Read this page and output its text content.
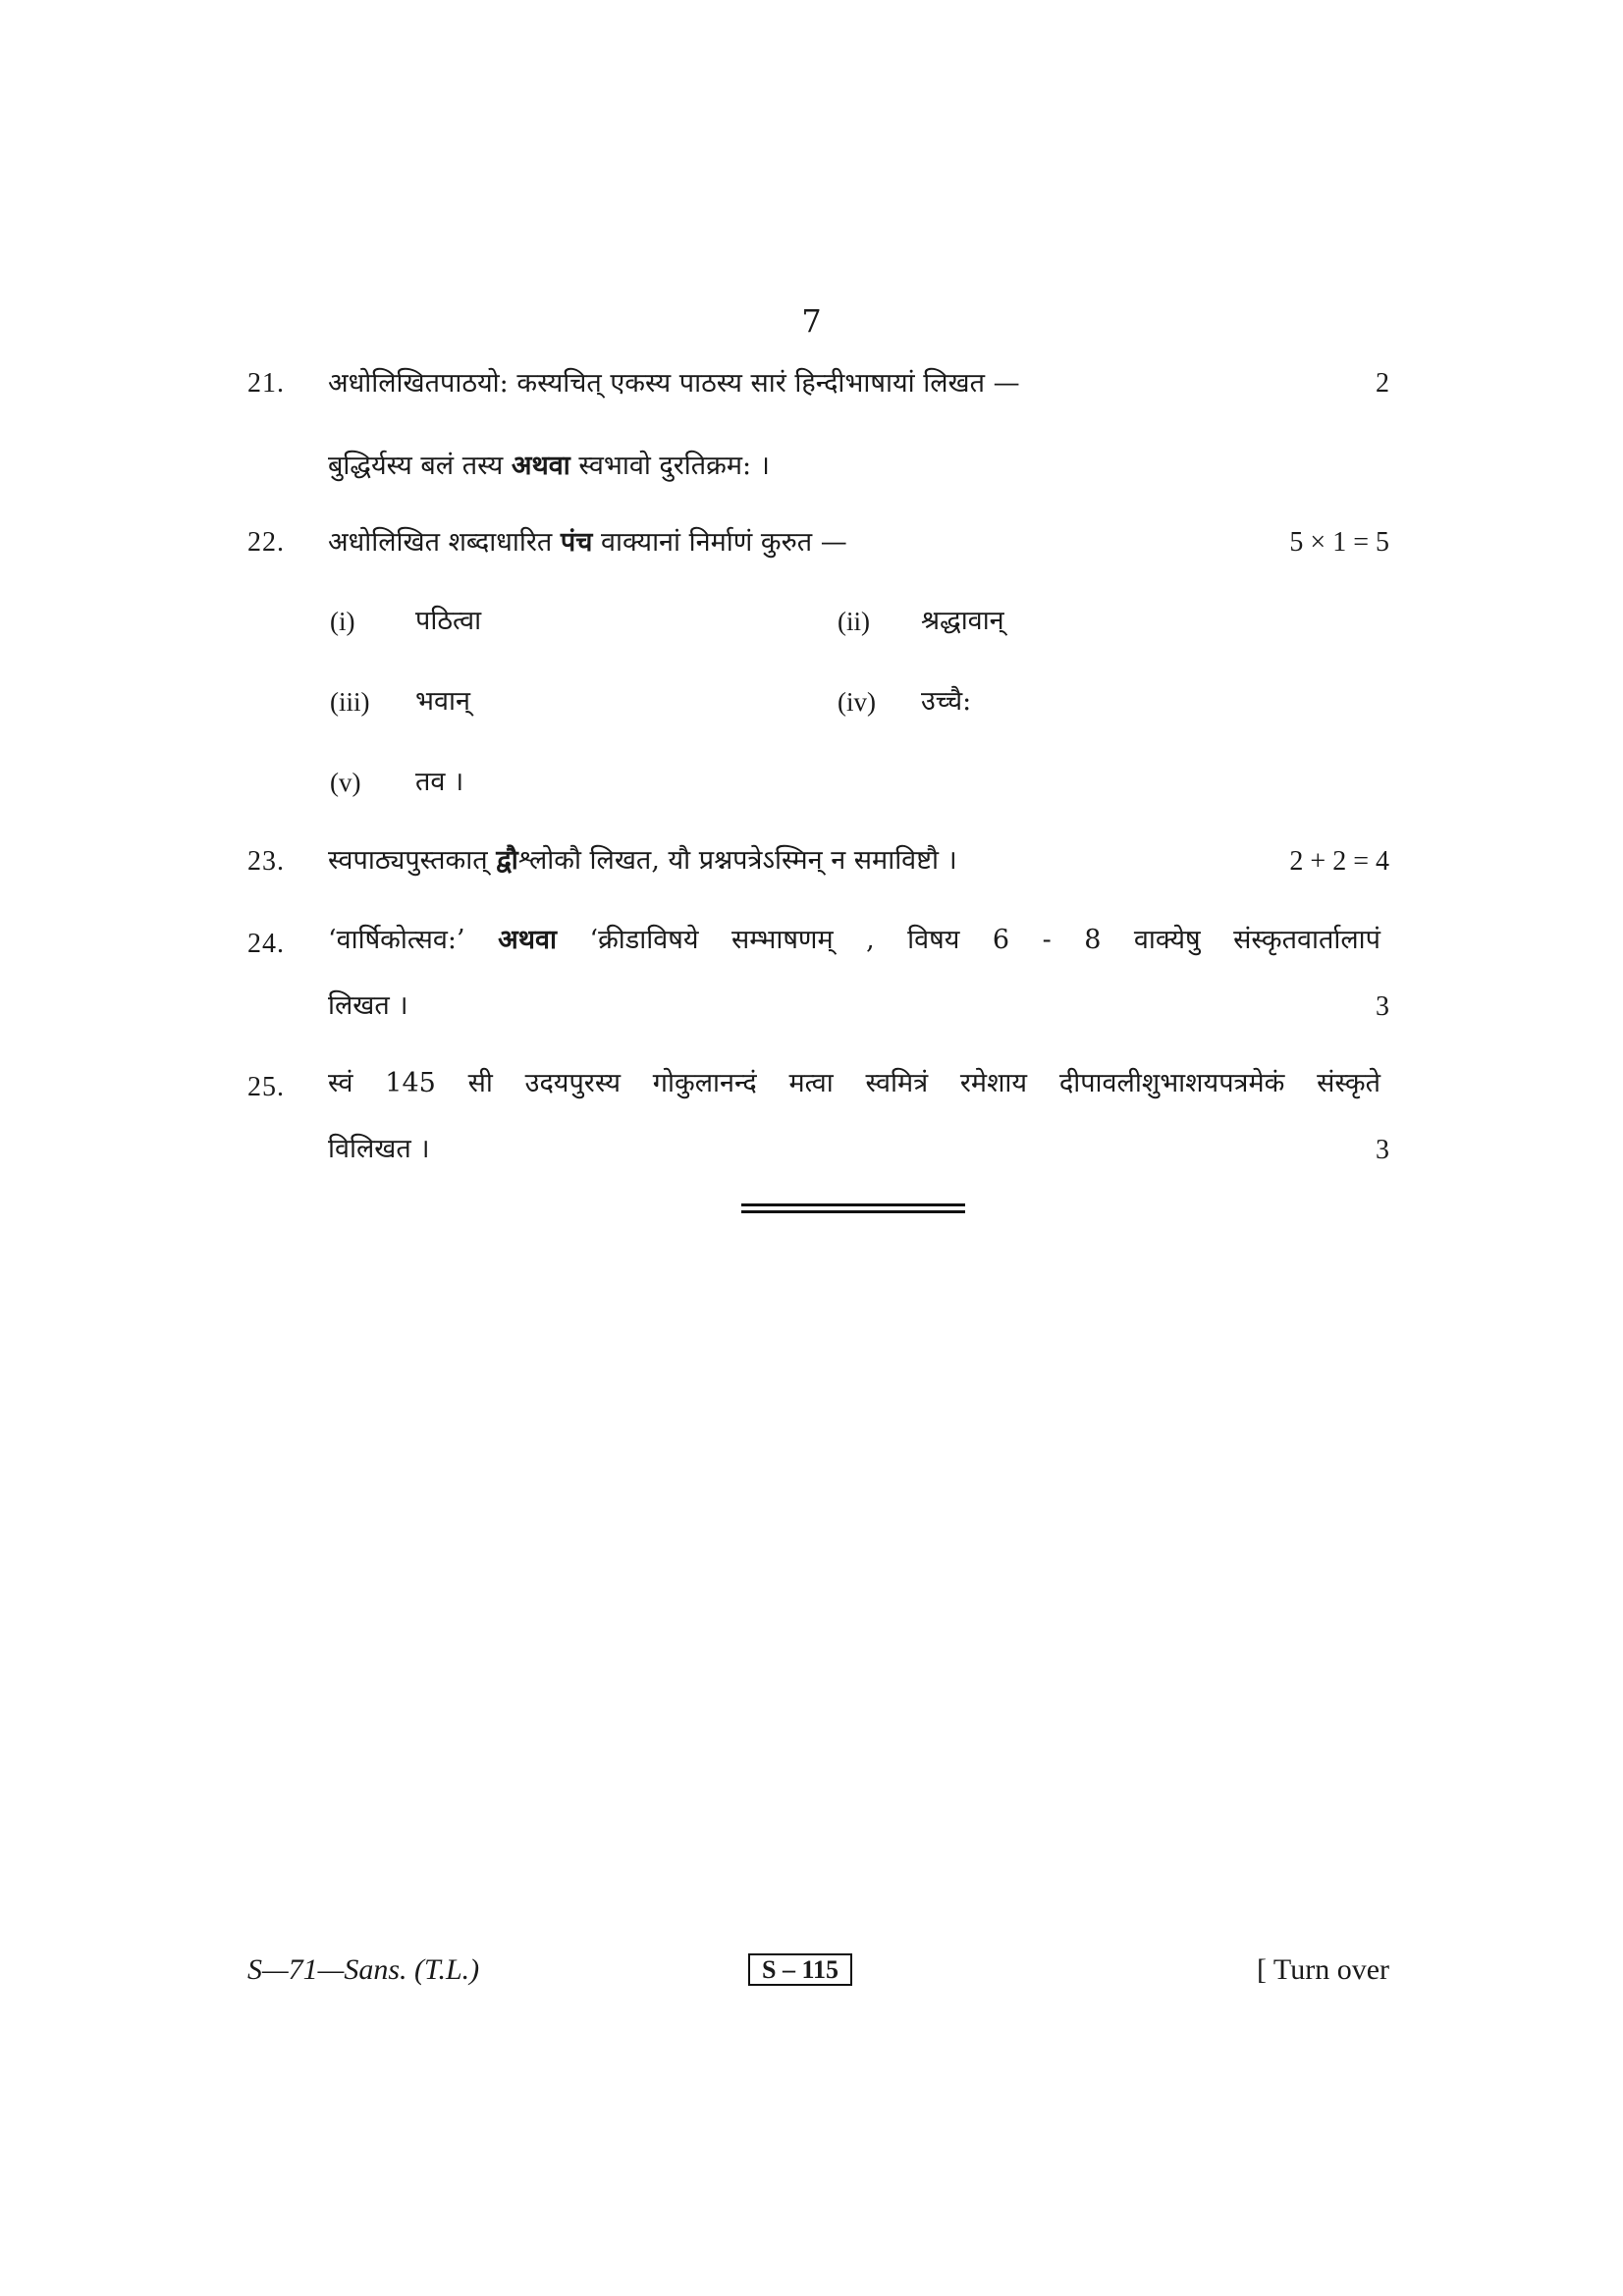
7
21. अधोलिखितपाठयो: कस्यचित् एकस्य पाठस्य सारं हिन्दीभाषायां लिखत —	2
बुद्धिर्यस्य बलं तस्य अथवा स्वभावो दुरतिक्रम: ।
22. अधोलिखित शब्दाधारित पंच वाक्यानां निर्माणं कुरुत —	5 × 1 = 5
(i) पठित्वा	(ii) श्रद्धावान्
(iii) भवान्	(iv) उच्चै:
(v) तव ।
23. स्वपाठ्यपुस्तकात् द्वौश्लोकौ लिखत, यौ प्रश्नपत्रेऽस्मिन् न समाविष्टौ ।	2 + 2 = 4
24. ‘वार्षिकोत्सव:’ अथवा ‘क्रीडाविषये सम्भाषणम् , विषय 6 - 8 वाक्येषु संस्कृतवार्तालापं
लिखत ।	3
25. स्वं 145 सी उदयपुरस्य गोकुलानन्दं मत्वा स्वमित्रं रमेशाय दीपावलीशुभाशयपत्रमेकं संस्कृते
विलिखत ।	3
S—71—Sans. (T.L.)	S – 115	[ Turn over
